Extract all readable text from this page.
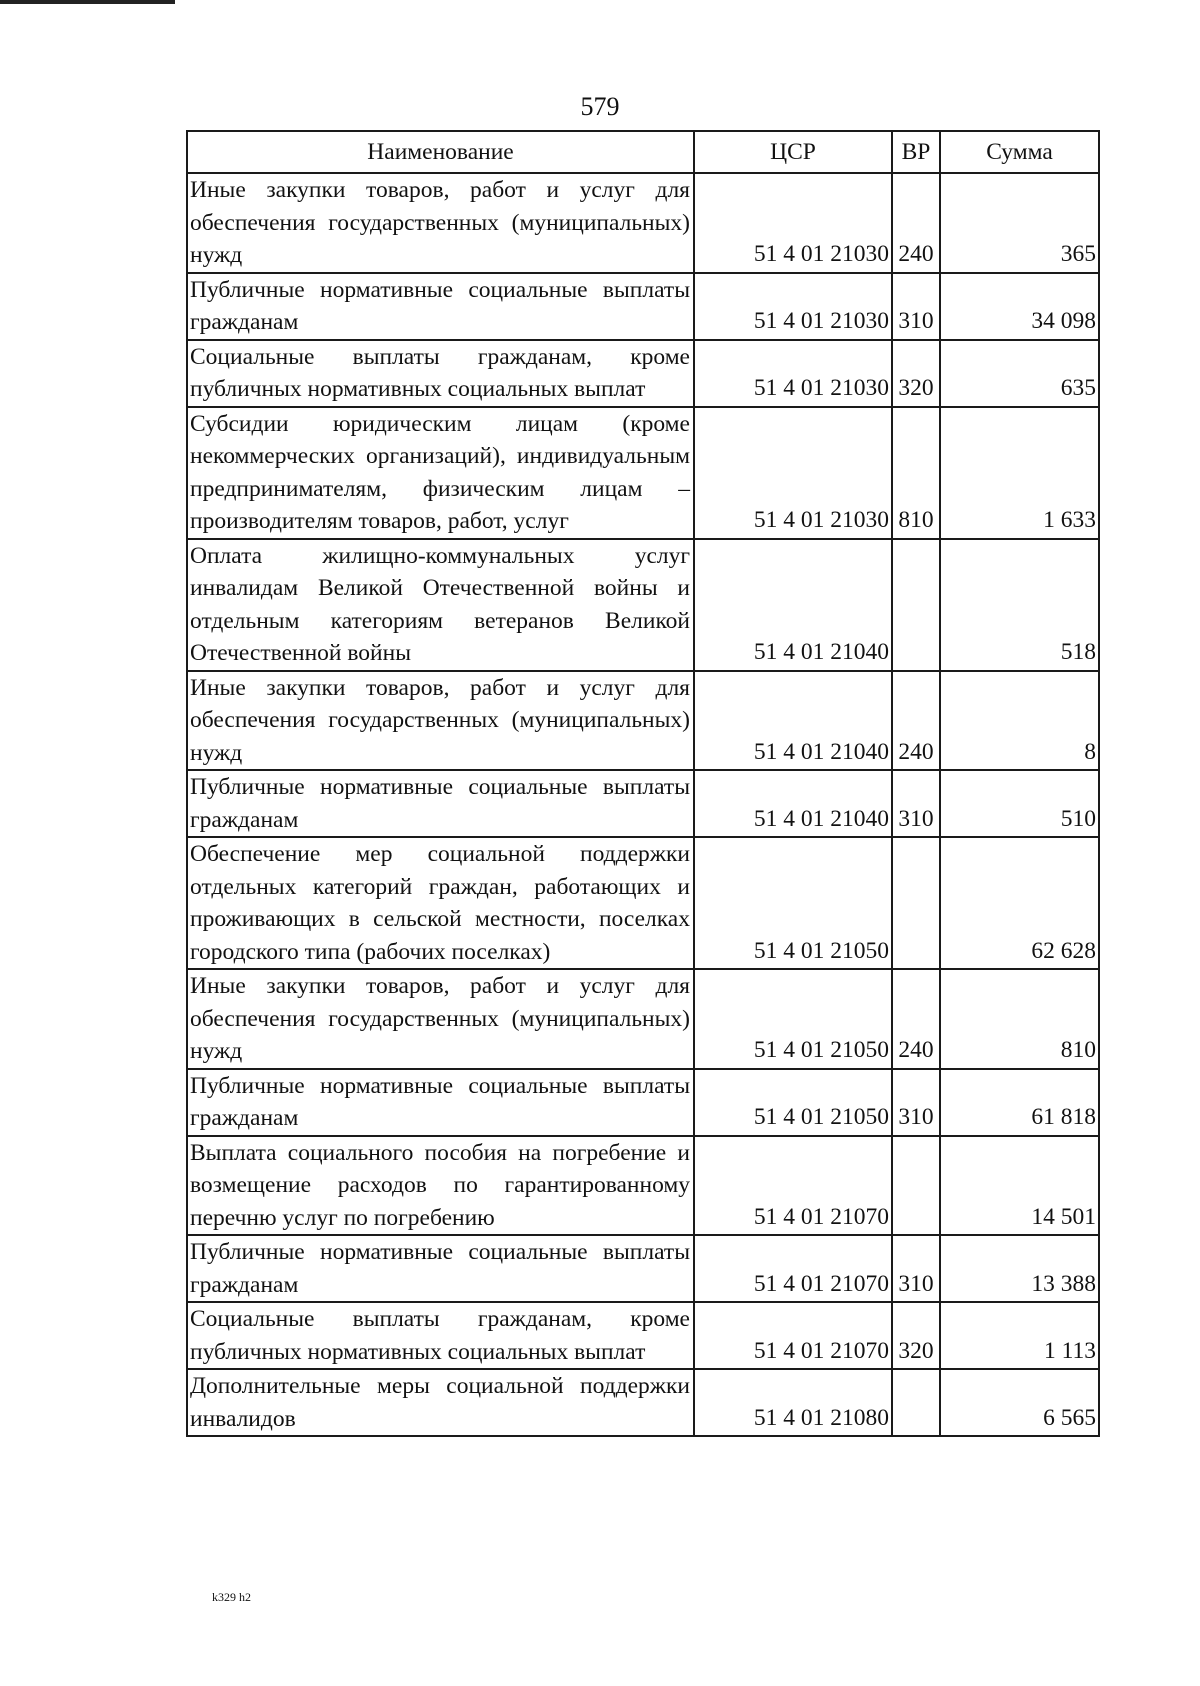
579
Наименование	ЦСР	ВР	Сумма
Иные закупки товаров, работ и услуг для обеспечения государственных (муниципальных) нужд	51 4 01 21030	240	365
Публичные нормативные социальные выплаты гражданам	51 4 01 21030	310	34 098
Социальные выплаты гражданам, кроме публичных нормативных социальных выплат	51 4 01 21030	320	635
Субсидии юридическим лицам (кроме некоммерческих организаций), индивидуальным предпринимателям, физическим лицам – производителям товаров, работ, услуг	51 4 01 21030	810	1 633
Оплата жилищно-коммунальных услуг инвалидам Великой Отечественной войны и отдельным категориям ветеранов Великой Отечественной войны	51 4 01 21040		518
Иные закупки товаров, работ и услуг для обеспечения государственных (муниципальных) нужд	51 4 01 21040	240	8
Публичные нормативные социальные выплаты гражданам	51 4 01 21040	310	510
Обеспечение мер социальной поддержки отдельных категорий граждан, работающих и проживающих в сельской местности, поселках городского типа (рабочих поселках)	51 4 01 21050		62 628
Иные закупки товаров, работ и услуг для обеспечения государственных (муниципальных) нужд	51 4 01 21050	240	810
Публичные нормативные социальные выплаты гражданам	51 4 01 21050	310	61 818
Выплата социального пособия на погребение и возмещение расходов по гарантированному перечню услуг по погребению	51 4 01 21070		14 501
Публичные нормативные социальные выплаты гражданам	51 4 01 21070	310	13 388
Социальные выплаты гражданам, кроме публичных нормативных социальных выплат	51 4 01 21070	320	1 113
Дополнительные меры социальной поддержки инвалидов	51 4 01 21080		6 565
k329 h2
